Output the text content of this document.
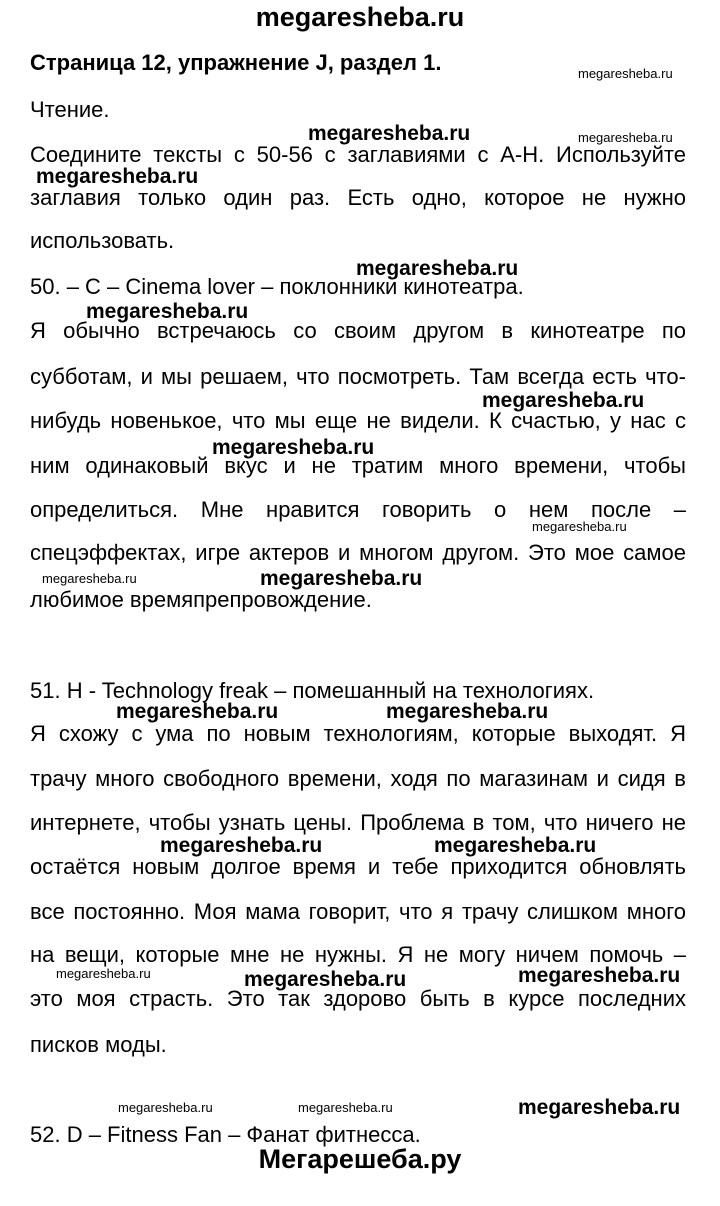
megaresheba.ru
Страница 12, упражнение J, раздел 1.
Чтение.
Соедините тексты с 50-56 с заглавиями с A-H. Используйте
заглавия только один раз. Есть одно, которое не нужно
использовать.
50. – C – Cinema lover – поклонники кинотеатра.
Я обычно встречаюсь со своим другом в кинотеатре по
субботам, и мы решаем, что посмотреть. Там всегда есть что-
нибудь новенькое, что мы еще не видели. К счастью, у нас с
ним одинаковый вкус и не тратим много времени, чтобы
определиться. Мне нравится говорить о нем после –
спецэффектах, игре актеров и многом другом. Это мое самое
любимое времяпрепровождение.
51. H - Technology freak – помешанный на технологиях.
Я схожу с ума по новым технологиям, которые выходят. Я
трачу много свободного времени, ходя по магазинам и сидя в
интернете, чтобы узнать цены. Проблема в том, что ничего не
остаётся новым долгое время и тебе приходится обновлять
все постоянно. Моя мама говорит, что я трачу слишком много
на вещи, которые мне не нужны. Я не могу ничем помочь –
это моя страсть. Это так здорово быть в курсе последних
писков моды.
52. D – Fitness Fan – Фанат фитнесса.
megaresheba.ru
megaresheba.ru	megaresheba.ru
megaresheba.ru
megaresheba.ru
megaresheba.ru
megaresheba.ru
megaresheba.ru
megaresheba.ru
megaresheba.ru	megaresheba.ru
megaresheba.ru	megaresheba.ru
megaresheba.ru	megaresheba.ru
megaresheba.ru	megaresheba.ru	megaresheba.ru
megaresheba.ru	megaresheba.ru	megaresheba.ru
Мегарешеба.ру
